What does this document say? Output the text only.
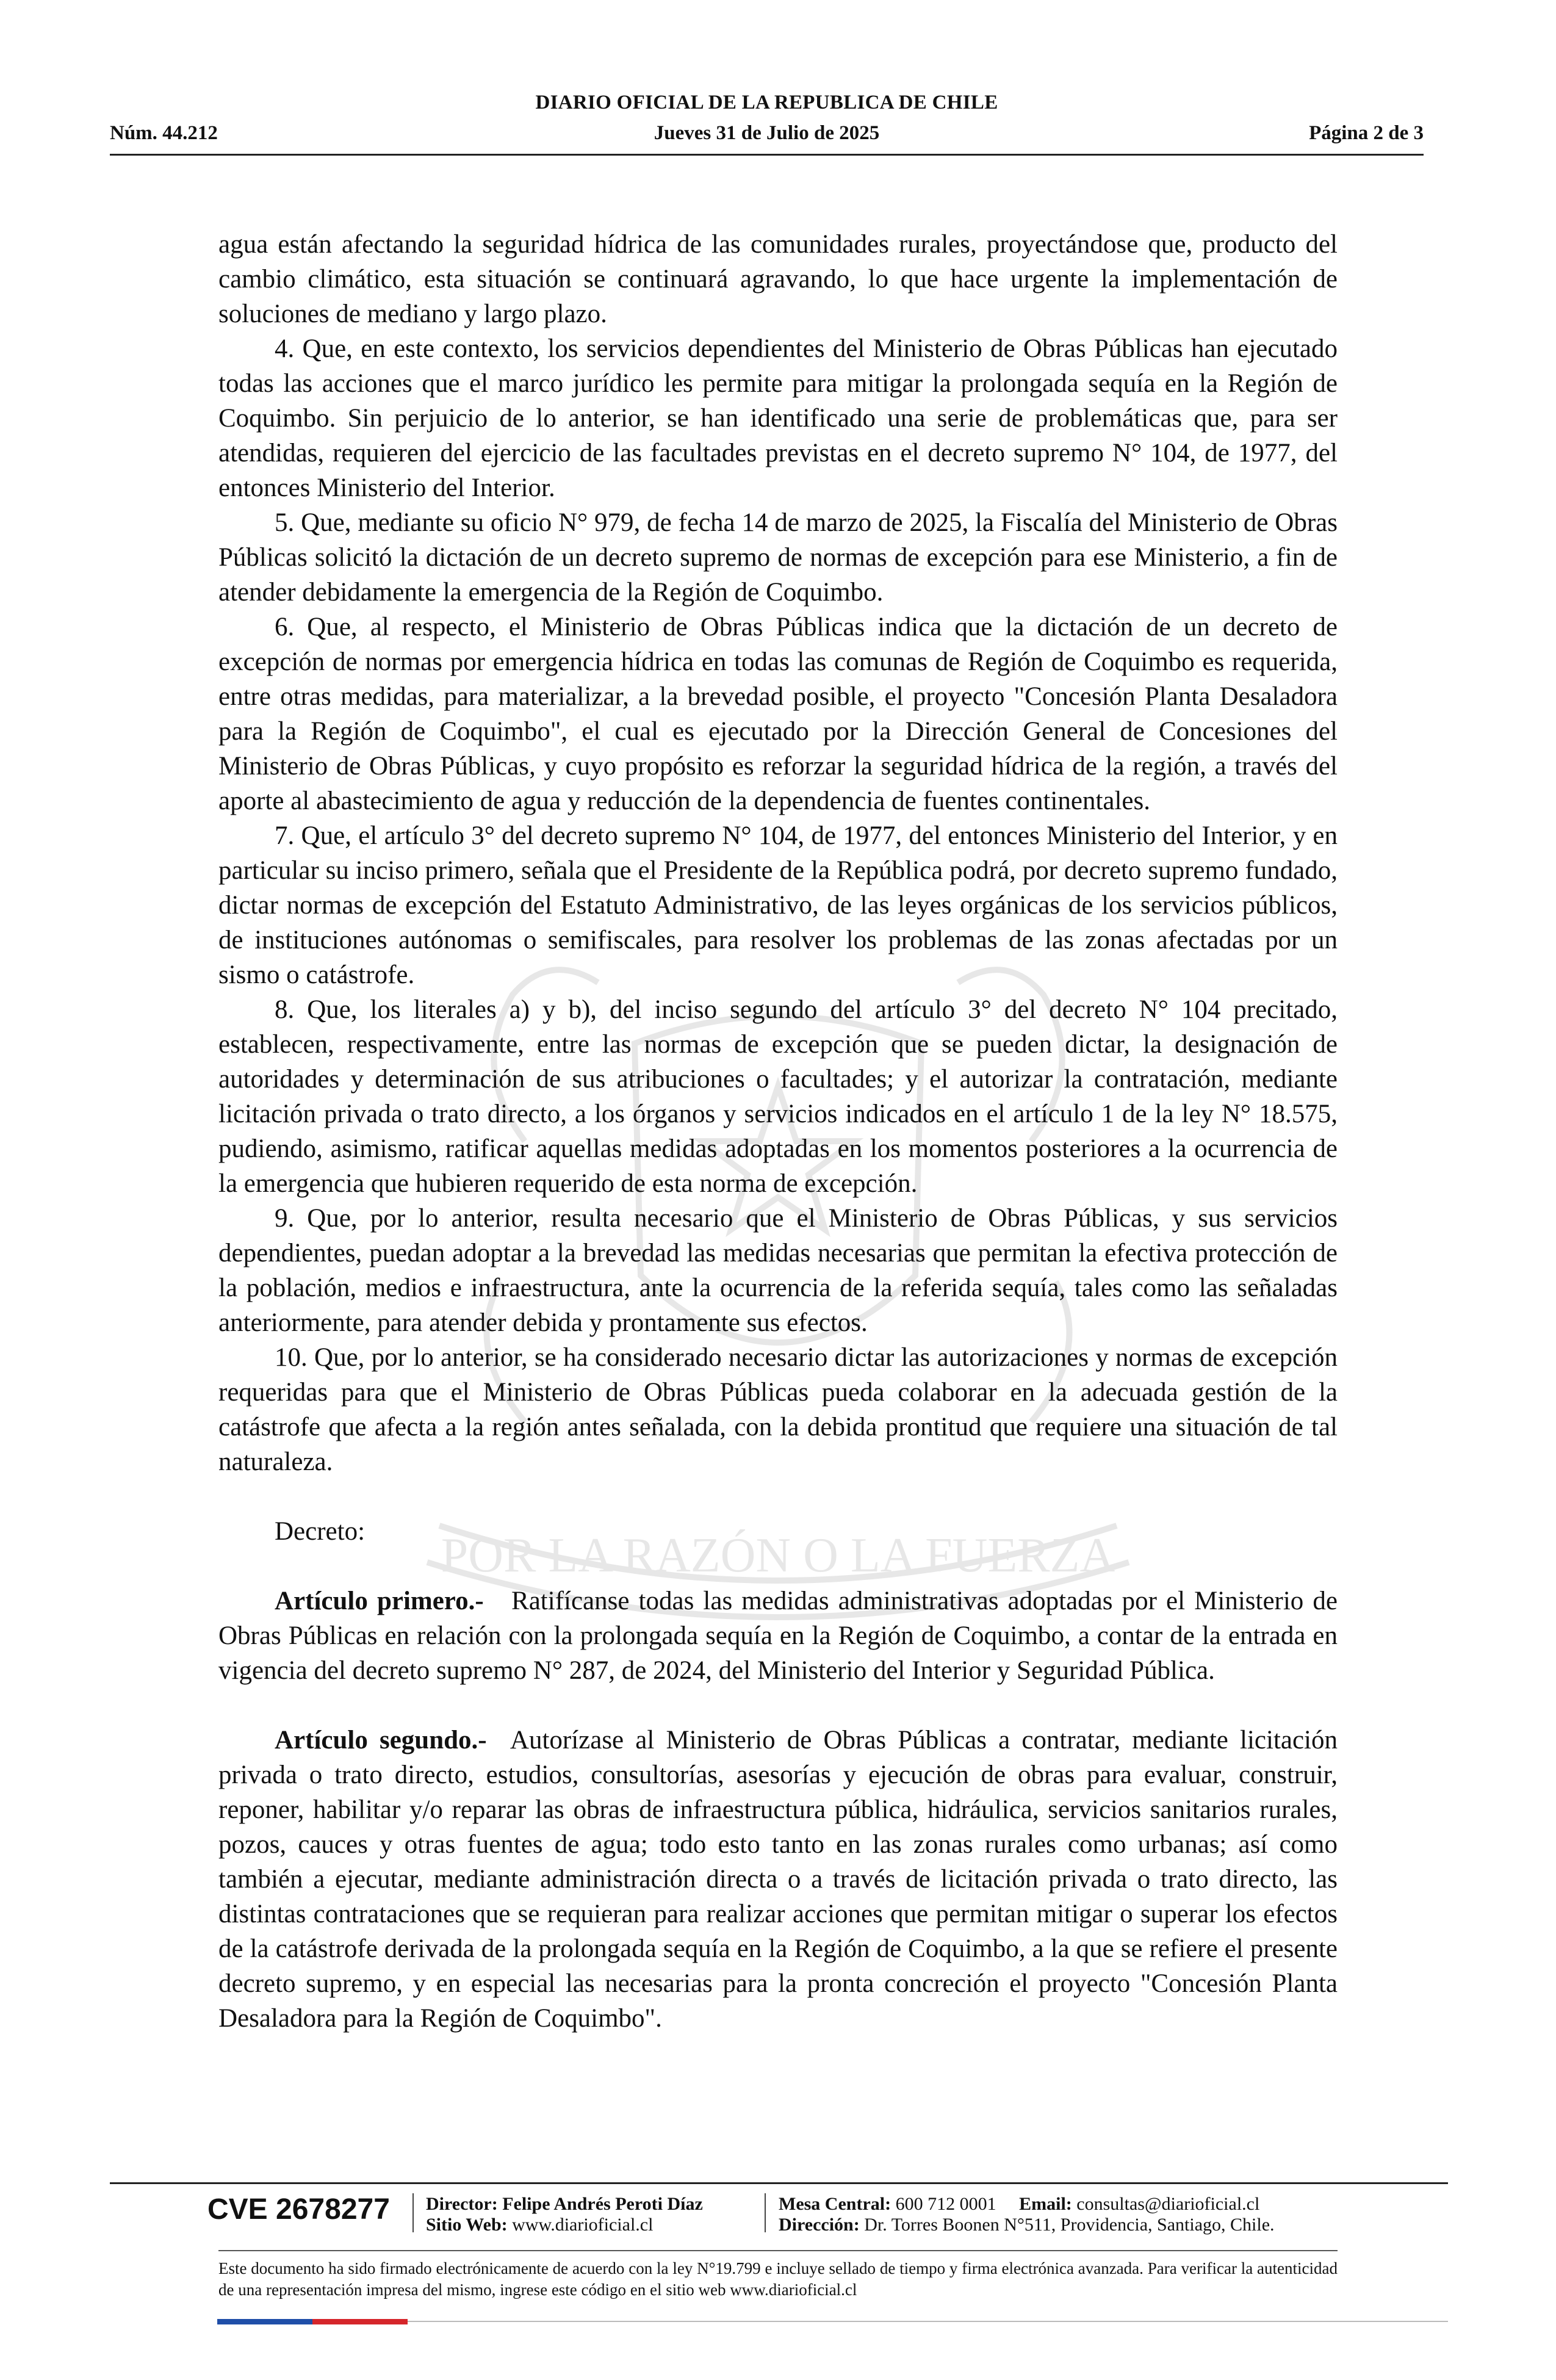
DIARIO OFICIAL DE LA REPUBLICA DE CHILE
Núm. 44.212	Jueves 31 de Julio de 2025	Página 2 de 3
POR LA RAZÓN O LA FUERZA

agua están afectando la seguridad hídrica de las comunidades rurales, proyectándose que, producto del cambio climático, esta situación se continuará agravando, lo que hace urgente la implementación de soluciones de mediano y largo plazo.

4. Que, en este contexto, los servicios dependientes del Ministerio de Obras Públicas han ejecutado todas las acciones que el marco jurídico les permite para mitigar la prolongada sequía en la Región de Coquimbo. Sin perjuicio de lo anterior, se han identificado una serie de problemáticas que, para ser atendidas, requieren del ejercicio de las facultades previstas en el decreto supremo N° 104, de 1977, del entonces Ministerio del Interior.

5. Que, mediante su oficio N° 979, de fecha 14 de marzo de 2025, la Fiscalía del Ministerio de Obras Públicas solicitó la dictación de un decreto supremo de normas de excepción para ese Ministerio, a fin de atender debidamente la emergencia de la Región de Coquimbo.

6. Que, al respecto, el Ministerio de Obras Públicas indica que la dictación de un decreto de excepción de normas por emergencia hídrica en todas las comunas de Región de Coquimbo es requerida, entre otras medidas, para materializar, a la brevedad posible, el proyecto "Concesión Planta Desaladora para la Región de Coquimbo", el cual es ejecutado por la Dirección General de Concesiones del Ministerio de Obras Públicas, y cuyo propósito es reforzar la seguridad hídrica de la región, a través del aporte al abastecimiento de agua y reducción de la dependencia de fuentes continentales.

7. Que, el artículo 3° del decreto supremo N° 104, de 1977, del entonces Ministerio del Interior, y en particular su inciso primero, señala que el Presidente de la República podrá, por decreto supremo fundado, dictar normas de excepción del Estatuto Administrativo, de las leyes orgánicas de los servicios públicos, de instituciones autónomas o semifiscales, para resolver los problemas de las zonas afectadas por un sismo o catástrofe.

8. Que, los literales a) y b), del inciso segundo del artículo 3° del decreto N° 104 precitado, establecen, respectivamente, entre las normas de excepción que se pueden dictar, la designación de autoridades y determinación de sus atribuciones o facultades; y el autorizar la contratación, mediante licitación privada o trato directo, a los órganos y servicios indicados en el artículo 1 de la ley N° 18.575, pudiendo, asimismo, ratificar aquellas medidas adoptadas en los momentos posteriores a la ocurrencia de la emergencia que hubieren requerido de esta norma de excepción.

9. Que, por lo anterior, resulta necesario que el Ministerio de Obras Públicas, y sus servicios dependientes, puedan adoptar a la brevedad las medidas necesarias que permitan la efectiva protección de la población, medios e infraestructura, ante la ocurrencia de la referida sequía, tales como las señaladas anteriormente, para atender debida y prontamente sus efectos.

10. Que, por lo anterior, se ha considerado necesario dictar las autorizaciones y normas de excepción requeridas para que el Ministerio de Obras Públicas pueda colaborar en la adecuada gestión de la catástrofe que afecta a la región antes señalada, con la debida prontitud que requiere una situación de tal naturaleza.

Decreto:

Artículo primero.- Ratifícanse todas las medidas administrativas adoptadas por el Ministerio de Obras Públicas en relación con la prolongada sequía en la Región de Coquimbo, a contar de la entrada en vigencia del decreto supremo N° 287, de 2024, del Ministerio del Interior y Seguridad Pública.

Artículo segundo.- Autorízase al Ministerio de Obras Públicas a contratar, mediante licitación privada o trato directo, estudios, consultorías, asesorías y ejecución de obras para evaluar, construir, reponer, habilitar y/o reparar las obras de infraestructura pública, hidráulica, servicios sanitarios rurales, pozos, cauces y otras fuentes de agua; todo esto tanto en las zonas rurales como urbanas; así como también a ejecutar, mediante administración directa o a través de licitación privada o trato directo, las distintas contrataciones que se requieran para realizar acciones que permitan mitigar o superar los efectos de la catástrofe derivada de la prolongada sequía en la Región de Coquimbo, a la que se refiere el presente decreto supremo, y en especial las necesarias para la pronta concreción el proyecto "Concesión Planta Desaladora para la Región de Coquimbo".

CVE 2678277 Director: Felipe Andrés Peroti Díaz
Sitio Web: www.diarioficial.cl
Mesa Central: 600 712 0001 Email: consultas@diarioficial.cl
Dirección: Dr. Torres Boonen N°511, Providencia, Santiago, Chile.
Este documento ha sido firmado electrónicamente de acuerdo con la ley N°19.799 e incluye sellado de tiempo y firma electrónica avanzada. Para verificar la autenticidad de una representación impresa del mismo, ingrese este código en el sitio web www.diarioficial.cl
